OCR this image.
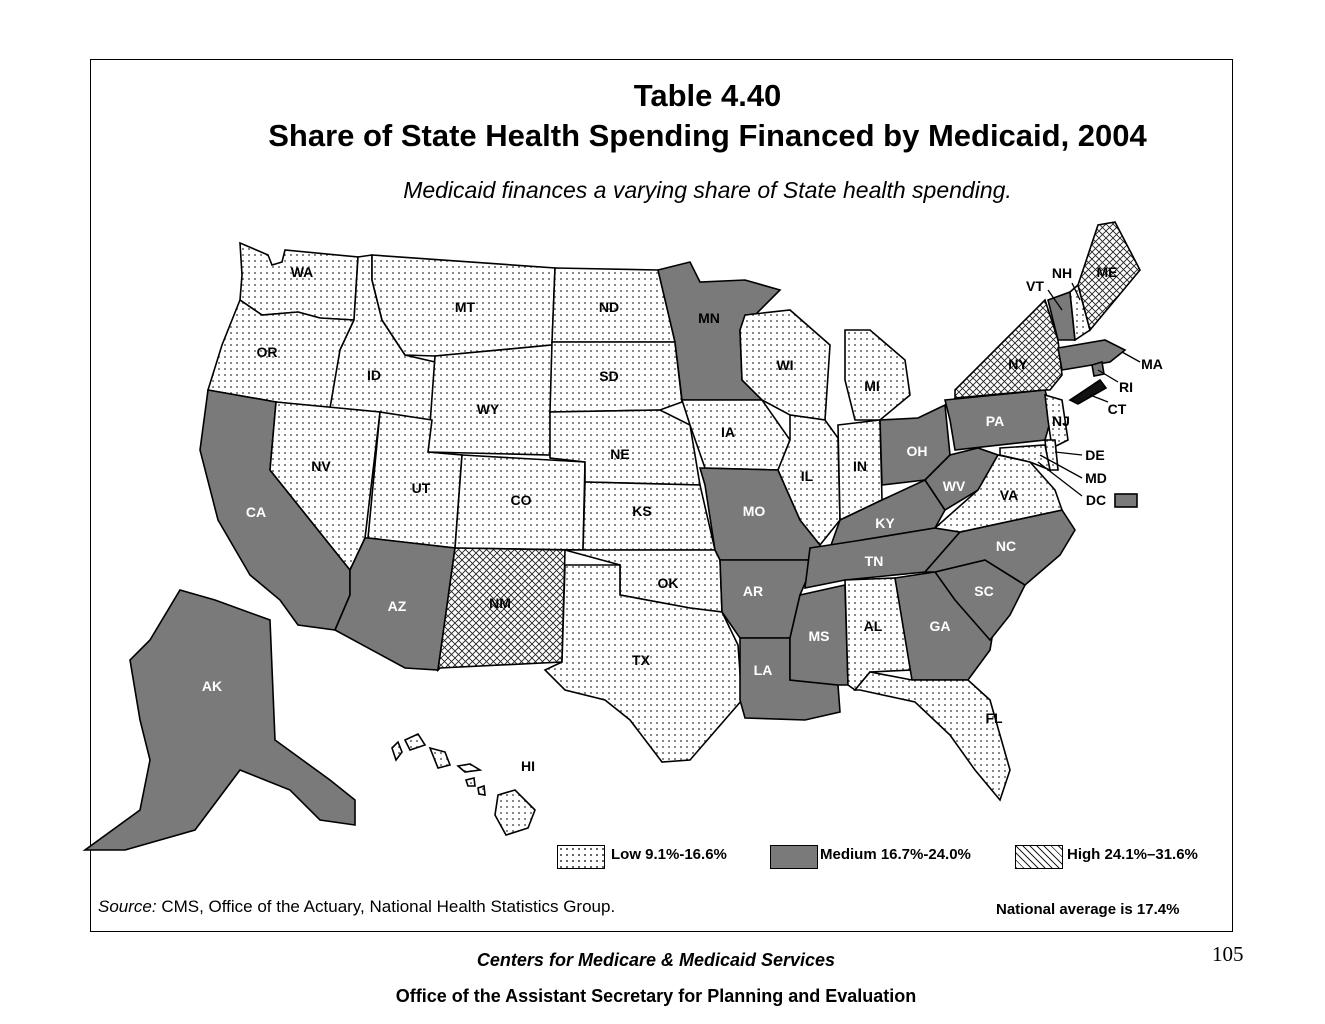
Table 4.40
Share of State Health Spending Financed by Medicaid, 2004
Medicaid finances a varying share of State health spending.
WA
OR
CA
ID
NV
MT
WY
UT
AZ
CO
NM
ND
SD
NE
KS
OK
TX
MN
IA
MO
AR
LA
WI
IL
MS
MI
IN
KY
TN
AL
OH
WV
GA
FL
SC
NC
VA
PA
NY
VT
NH ME
MA
RI
CT
NJ
DE
MD
DC
AK
HI
Low 9.1%-16.6%	Medium 16.7%-24.0%	High 24.1%–31.6%
Source: CMS, Office of the Actuary, National Health Statistics Group.	National average is 17.4%
Centers for Medicare & Medicaid Services
Office of the Assistant Secretary for Planning and Evaluation
105
